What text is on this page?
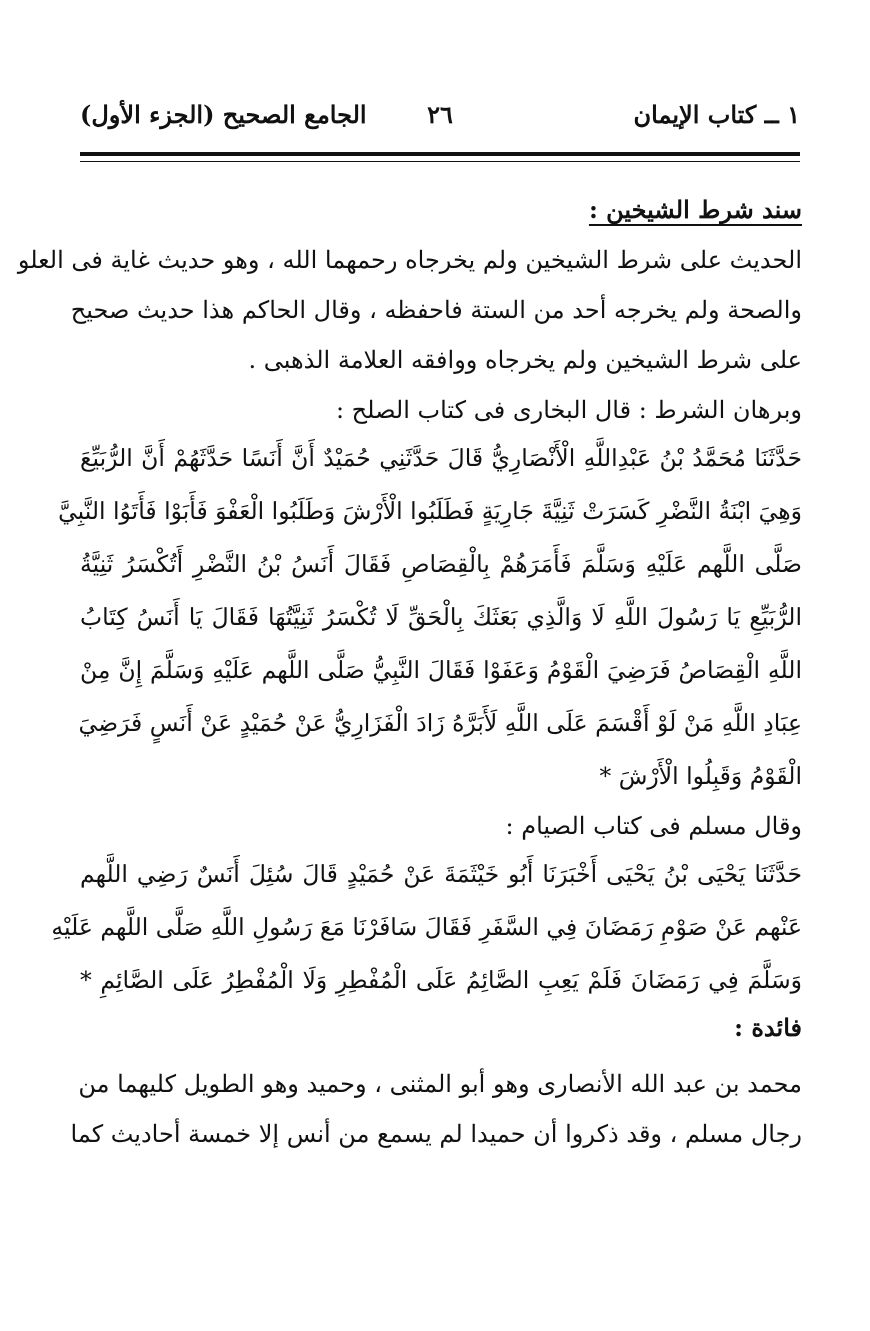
١ ــ كتاب الإيمان
٢٦
الجامع الصحيح (الجزء الأول)
سند شرط الشيخين :
الحديث على شرط الشيخين ولم يخرجاه رحمهما الله ، وهو حديث غاية فى العلو
والصحة ولم يخرجه أحد من الستة فاحفظه ، وقال الحاكم هذا حديث صحيح
على شرط الشيخين ولم يخرجاه ووافقه العلامة الذهبى .
وبرهان الشرط : قال البخارى فى كتاب الصلح :
حَدَّثَنَا مُحَمَّدُ بْنُ عَبْدِاللَّهِ الْأَنْصَارِيُّ قَالَ حَدَّثَنِي حُمَيْدٌ أَنَّ أَنَسًا حَدَّثَهُمْ أَنَّ الرُّبَيِّعَ
وَهِيَ ابْنَةُ النَّضْرِ كَسَرَتْ ثَنِيَّةَ جَارِيَةٍ فَطَلَبُوا الْأَرْشَ وَطَلَبُوا الْعَفْوَ فَأَبَوْا فَأَتَوُا النَّبِيَّ
صَلَّى اللَّهم عَلَيْهِ وَسَلَّمَ فَأَمَرَهُمْ بِالْقِصَاصِ فَقَالَ أَنَسُ بْنُ النَّضْرِ أَتُكْسَرُ ثَنِيَّةُ
الرُّبَيِّعِ يَا رَسُولَ اللَّهِ لَا وَالَّذِي بَعَثَكَ بِالْحَقِّ لَا تُكْسَرُ ثَنِيَّتُهَا فَقَالَ يَا أَنَسُ كِتَابُ
اللَّهِ الْقِصَاصُ فَرَضِيَ الْقَوْمُ وَعَفَوْا فَقَالَ النَّبِيُّ صَلَّى اللَّهم عَلَيْهِ وَسَلَّمَ إِنَّ مِنْ
عِبَادِ اللَّهِ مَنْ لَوْ أَقْسَمَ عَلَى اللَّهِ لَأَبَرَّهُ زَادَ الْفَزَارِيُّ عَنْ حُمَيْدٍ عَنْ أَنَسٍ فَرَضِيَ
الْقَوْمُ وَقَبِلُوا الْأَرْشَ *
وقال مسلم فى كتاب الصيام :
حَدَّثَنَا يَحْيَى بْنُ يَحْيَى أَخْبَرَنَا أَبُو خَيْثَمَةَ عَنْ حُمَيْدٍ قَالَ سُئِلَ أَنَسٌ رَضِي اللَّهم
عَنْهم عَنْ صَوْمِ رَمَضَانَ فِي السَّفَرِ فَقَالَ سَافَرْنَا مَعَ رَسُولِ اللَّهِ صَلَّى اللَّهم عَلَيْهِ
وَسَلَّمَ فِي رَمَضَانَ فَلَمْ يَعِبِ الصَّائِمُ عَلَى الْمُفْطِرِ وَلَا الْمُفْطِرُ عَلَى الصَّائِمِ *
فائدة :
محمد بن عبد الله الأنصارى وهو أبو المثنى ، وحميد وهو الطويل كليهما من
رجال مسلم ، وقد ذكروا أن حميدا لم يسمع من أنس إلا خمسة أحاديث كما
